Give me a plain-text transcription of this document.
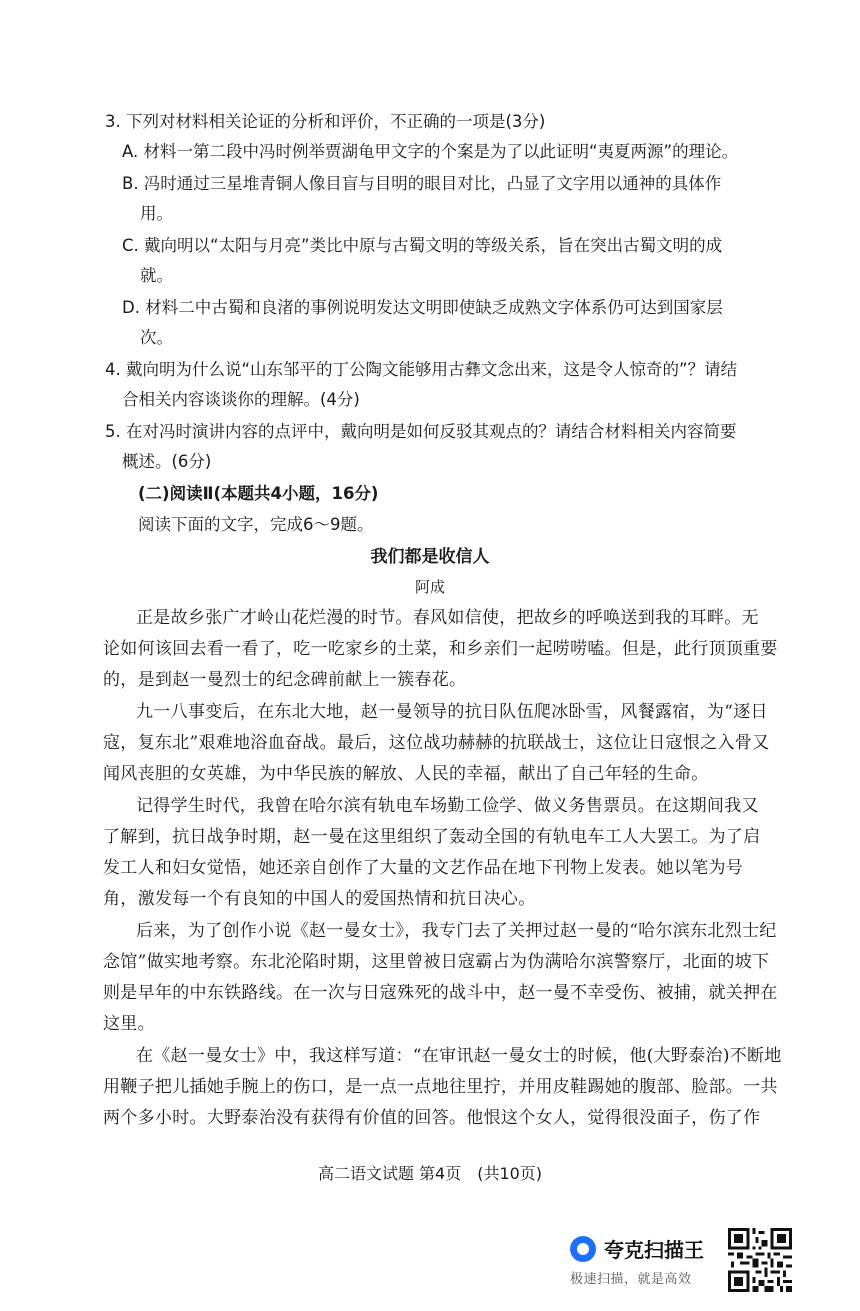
3. 下列对材料相关论证的分析和评价，不正确的一项是(3分)
A. 材料一第二段中冯时例举贾湖龟甲文字的个案是为了以此证明“夷夏两源”的理论。
B. 冯时通过三星堆青铜人像目盲与目明的眼目对比，凸显了文字用以通神的具体作
用。
C. 戴向明以“太阳与月亮”类比中原与古蜀文明的等级关系，旨在突出古蜀文明的成
就。
D. 材料二中古蜀和良渚的事例说明发达文明即使缺乏成熟文字体系仍可达到国家层
次。
4. 戴向明为什么说“山东邹平的丁公陶文能够用古彝文念出来，这是令人惊奇的”？请结
合相关内容谈谈你的理解。(4分)
5. 在对冯时演讲内容的点评中，戴向明是如何反驳其观点的？请结合材料相关内容简要
概述。(6分)
(二)阅读Ⅱ(本题共4小题，16分)
阅读下面的文字，完成6～9题。
我们都是收信人
阿成
正是故乡张广才岭山花烂漫的时节。春风如信使，把故乡的呼唤送到我的耳畔。无
论如何该回去看一看了，吃一吃家乡的土菜，和乡亲们一起唠唠嗑。但是，此行顶顶重要
的，是到赵一曼烈士的纪念碑前献上一簇春花。
九一八事变后，在东北大地，赵一曼领导的抗日队伍爬冰卧雪，风餐露宿，为“逐日
寇，复东北”艰难地浴血奋战。最后，这位战功赫赫的抗联战士，这位让日寇恨之入骨又
闻风丧胆的女英雄，为中华民族的解放、人民的幸福，献出了自己年轻的生命。
记得学生时代，我曾在哈尔滨有轨电车场勤工俭学、做义务售票员。在这期间我又
了解到，抗日战争时期，赵一曼在这里组织了轰动全国的有轨电车工人大罢工。为了启
发工人和妇女觉悟，她还亲自创作了大量的文艺作品在地下刊物上发表。她以笔为号
角，激发每一个有良知的中国人的爱国热情和抗日决心。
后来，为了创作小说《赵一曼女士》，我专门去了关押过赵一曼的“哈尔滨东北烈士纪
念馆”做实地考察。东北沦陷时期，这里曾被日寇霸占为伪满哈尔滨警察厅，北面的坡下
则是早年的中东铁路线。在一次与日寇殊死的战斗中，赵一曼不幸受伤、被捕，就关押在
这里。
在《赵一曼女士》中，我这样写道：“在审讯赵一曼女士的时候，他(大野泰治)不断地
用鞭子把儿插她手腕上的伤口，是一点一点地往里拧，并用皮鞋踢她的腹部、脸部。一共
两个多小时。大野泰治没有获得有价值的回答。他恨这个女人，觉得很没面子，伤了作
高二语文试题 第4页　(共10页)
夸克扫描王
极速扫描，就是高效
